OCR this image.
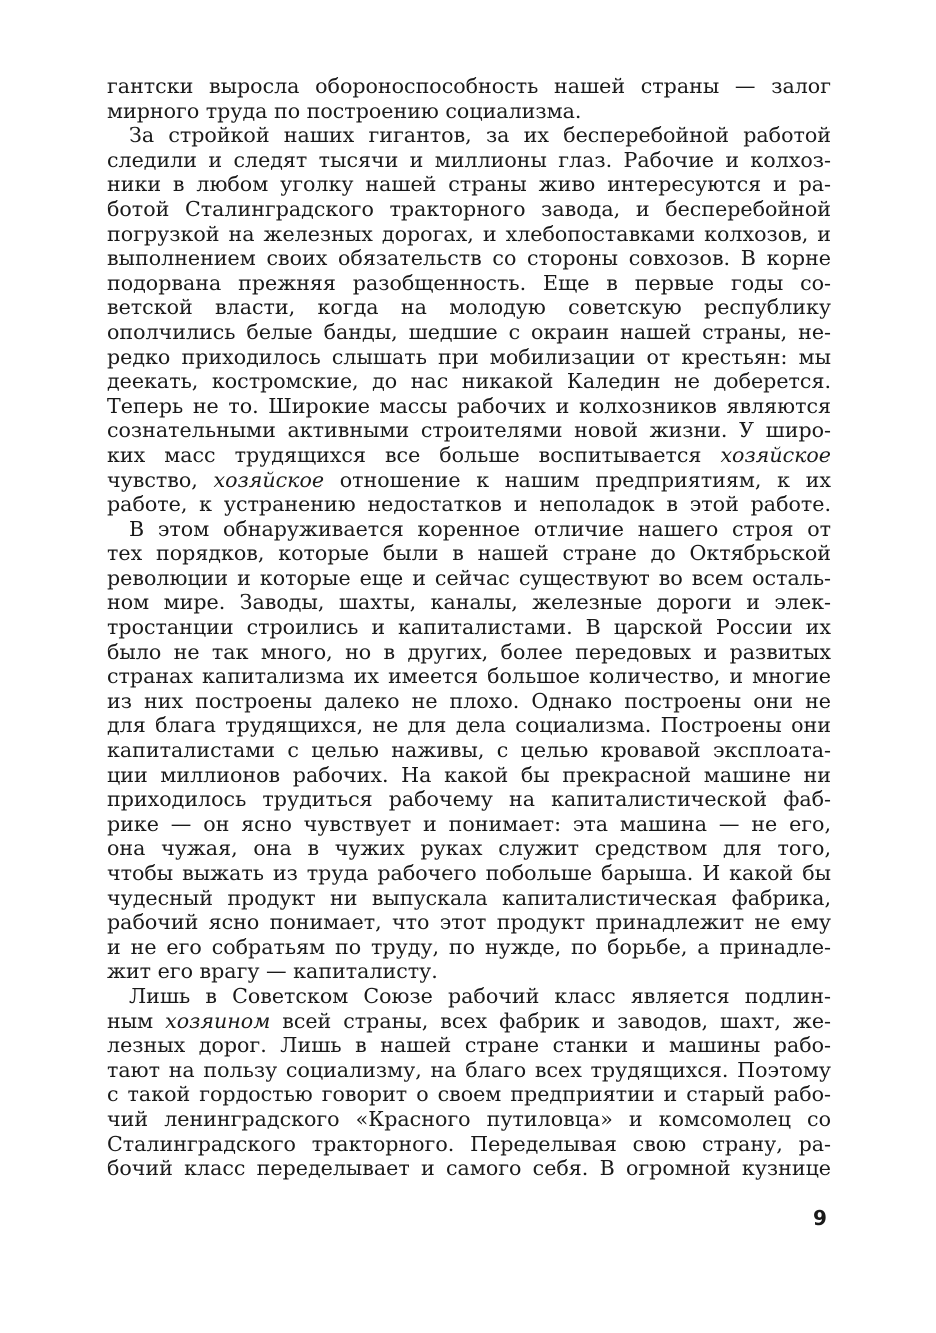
гантски выросла обороноспособность нашей страны — залог
мирного труда по построению социализма.
За стройкой наших гигантов, за их бесперебойной работой
следили и следят тысячи и миллионы глаз. Рабочие и колхоз-
ники в любом уголку нашей страны живо интересуются и ра-
ботой Сталинградского тракторного завода, и бесперебойной
погрузкой на железных дорогах, и хлебопоставками колхозов, и
выполнением своих обязательств со стороны совхозов. В корне
подорвана прежняя разобщенность. Еще в первые годы со-
ветской власти, когда на молодую советскую республику
ополчились белые банды, шедшие с окраин нашей страны, не-
редко приходилось слышать при мобилизации от крестьян: мы
деекать, костромские, до нас никакой Каледин не доберется.
Теперь не то. Широкие массы рабочих и колхозников являются
сознательными активными строителями новой жизни. У широ-
ких масс трудящихся все больше воспитывается хозяйское
чувство, хозяйское отношение к нашим предприятиям, к их
работе, к устранению недостатков и неполадок в этой работе.
В этом обнаруживается коренное отличие нашего строя от
тех порядков, которые были в нашей стране до Октябрьской
революции и которые еще и сейчас существуют во всем осталь-
ном мире. Заводы, шахты, каналы, железные дороги и элек-
тростанции строились и капиталистами. В царской России их
было не так много, но в других, более передовых и развитых
странах капитализма их имеется большое количество, и многие
из них построены далеко не плохо. Однако построены они не
для блага трудящихся, не для дела социализма. Построены они
капиталистами с целью наживы, с целью кровавой эксплоата-
ции миллионов рабочих. На какой бы прекрасной машине ни
приходилось трудиться рабочему на капиталистической фаб-
рике — он ясно чувствует и понимает: эта машина — не его,
она чужая, она в чужих руках служит средством для того,
чтобы выжать из труда рабочего побольше барыша. И какой бы
чудесный продукт ни выпускала капиталистическая фабрика,
рабочий ясно понимает, что этот продукт принадлежит не ему
и не его собратьям по труду, по нужде, по борьбе, а принадле-
жит его врагу — капиталисту.
Лишь в Советском Союзе рабочий класс является подлин-
ным хозяином всей страны, всех фабрик и заводов, шахт, же-
лезных дорог. Лишь в нашей стране станки и машины рабо-
тают на пользу социализму, на благо всех трудящихся. Поэтому
с такой гордостью говорит о своем предприятии и старый рабо-
чий ленинградского «Красного путиловца» и комсомолец со
Сталинградского тракторного. Переделывая свою страну, ра-
бочий класс переделывает и самого себя. В огромной кузнице
9
